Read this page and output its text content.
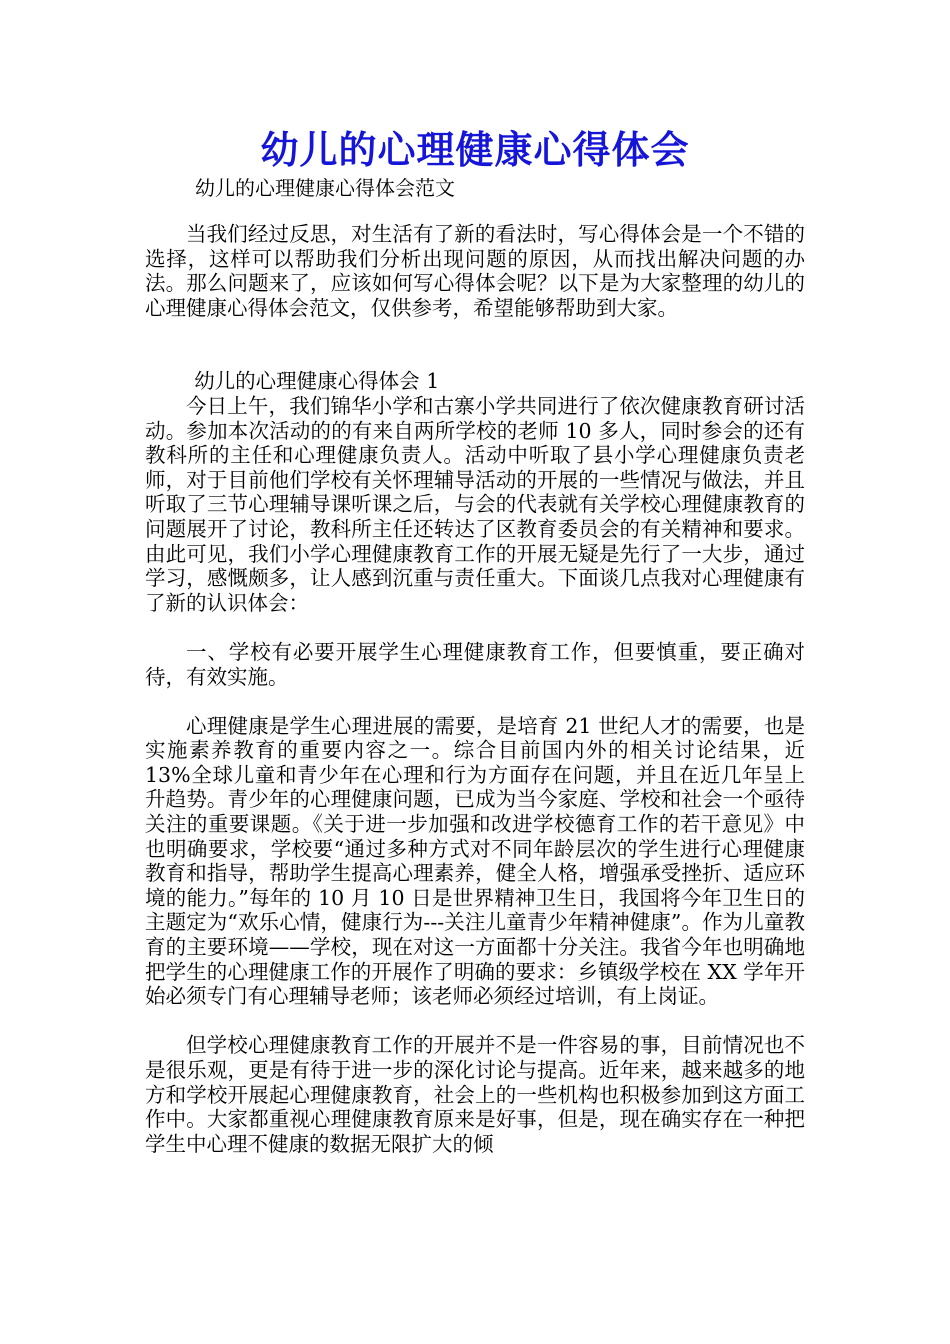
幼儿的心理健康心得体会
幼儿的心理健康心得体会范文

当我们经过反思，对生活有了新的看法时，写心得体会是一个不错的选择，这样可以帮助我们分析出现问题的原因，从而找出解决问题的办法。那么问题来了，应该如何写心得体会呢？以下是为大家整理的幼儿的心理健康心得体会范文，仅供参考，希望能够帮助到大家。

幼儿的心理健康心得体会 1

今日上午，我们锦华小学和古寨小学共同进行了依次健康教育研讨活动。参加本次活动的的有来自两所学校的老师 10 多人，同时参会的还有教科所的主任和心理健康负责人。活动中听取了县小学心理健康负责老师，对于目前他们学校有关怀理辅导活动的开展的一些情况与做法，并且听取了三节心理辅导课听课之后，与会的代表就有关学校心理健康教育的问题展开了讨论，教科所主任还转达了区教育委员会的有关精神和要求。由此可见，我们小学心理健康教育工作的开展无疑是先行了一大步，通过学习，感慨颇多，让人感到沉重与责任重大。下面谈几点我对心理健康有了新的认识体会：

一、学校有必要开展学生心理健康教育工作，但要慎重，要正确对待，有效实施。

心理健康是学生心理进展的需要，是培育 21 世纪人才的需要，也是实施素养教育的重要内容之一。综合目前国内外的相关讨论结果，近 13%全球儿童和青少年在心理和行为方面存在问题，并且在近几年呈上升趋势。青少年的心理健康问题，已成为当今家庭、学校和社会一个亟待关注的重要课题。《关于进一步加强和改进学校德育工作的若干意见》中也明确要求，学校要“通过多种方式对不同年龄层次的学生进行心理健康教育和指导，帮助学生提高心理素养，健全人格，增强承受挫折、适应环境的能力。”每年的 10 月 10 日是世界精神卫生日，我国将今年卫生日的主题定为“欢乐心情，健康行为---关注儿童青少年精神健康”。作为儿童教育的主要环境——学校，现在对这一方面都十分关注。我省今年也明确地把学生的心理健康工作的开展作了明确的要求：乡镇级学校在 XX 学年开始必须专门有心理辅导老师；该老师必须经过培训，有上岗证。

但学校心理健康教育工作的开展并不是一件容易的事，目前情况也不是很乐观，更是有待于进一步的深化讨论与提高。近年来，越来越多的地方和学校开展起心理健康教育，社会上的一些机构也积极参加到这方面工作中。大家都重视心理健康教育原来是好事，但是，现在确实存在一种把学生中心理不健康的数据无限扩大的倾
